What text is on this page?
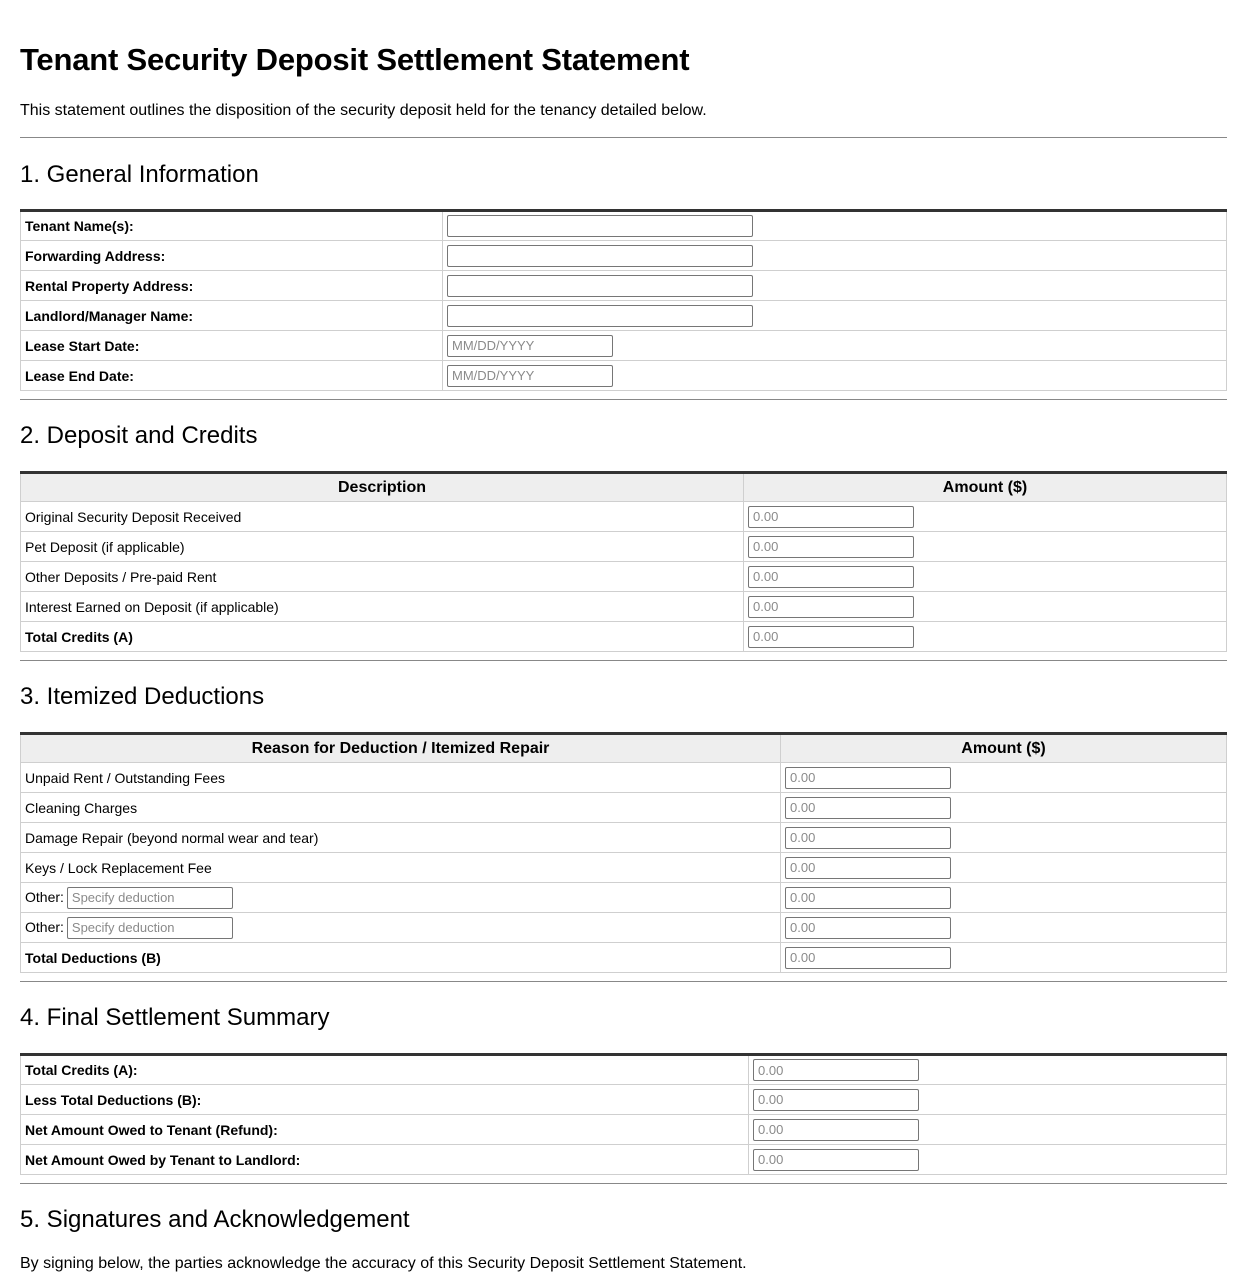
Tenant Security Deposit Settlement Statement

This statement outlines the disposition of the security deposit held for the tenancy detailed below.

1. General Information
Tenant Name(s):	
Forwarding Address:	
Rental Property Address:	
Landlord/Manager Name:	
Lease Start Date:	MM/DD/YYYY
Lease End Date:	MM/DD/YYYY
2. Deposit and Credits
Description	Amount ($)
Original Security Deposit Received	0.00
Pet Deposit (if applicable)	0.00
Other Deposits / Pre-paid Rent	0.00
Interest Earned on Deposit (if applicable)	0.00
Total Credits (A)	0.00
3. Itemized Deductions
Reason for Deduction / Itemized Repair	Amount ($)
Unpaid Rent / Outstanding Fees	0.00
Cleaning Charges	0.00
Damage Repair (beyond normal wear and tear)	0.00
Keys / Lock Replacement Fee	0.00
Other:Specify deduction	0.00
Other:Specify deduction	0.00
Total Deductions (B)	0.00
4. Final Settlement Summary
Total Credits (A):	0.00
Less Total Deductions (B):	0.00
Net Amount Owed to Tenant (Refund):	0.00
Net Amount Owed by Tenant to Landlord:	0.00
5. Signatures and Acknowledgement

By signing below, the parties acknowledge the accuracy of this Security Deposit Settlement Statement.
